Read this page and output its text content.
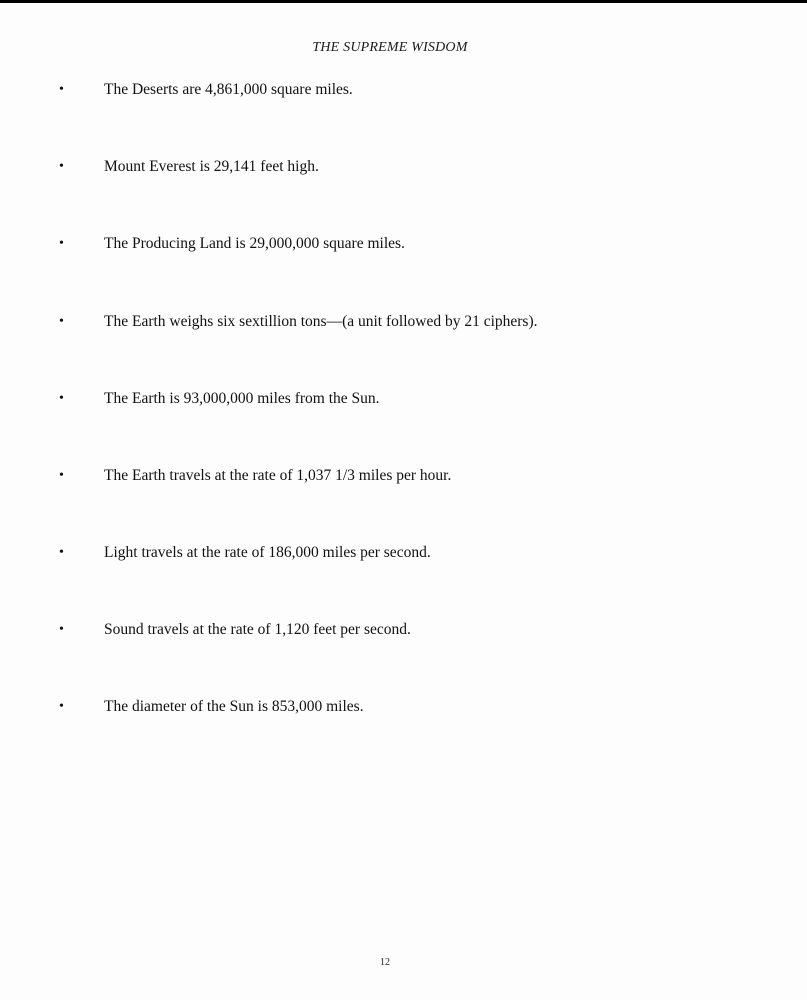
THE SUPREME WISDOM
•	The Deserts are 4,861,000 square miles.
•	Mount Everest is 29,141 feet high.
•	The Producing Land is 29,000,000 square miles.
•	The Earth weighs six sextillion tons—(a unit followed by 21 ciphers).
•	The Earth is 93,000,000 miles from the Sun.
•	The Earth travels at the rate of 1,037 1/3 miles per hour.
•	Light travels at the rate of 186,000 miles per second.
•	Sound travels at the rate of 1,120 feet per second.
•	The diameter of the Sun is 853,000 miles.
12
